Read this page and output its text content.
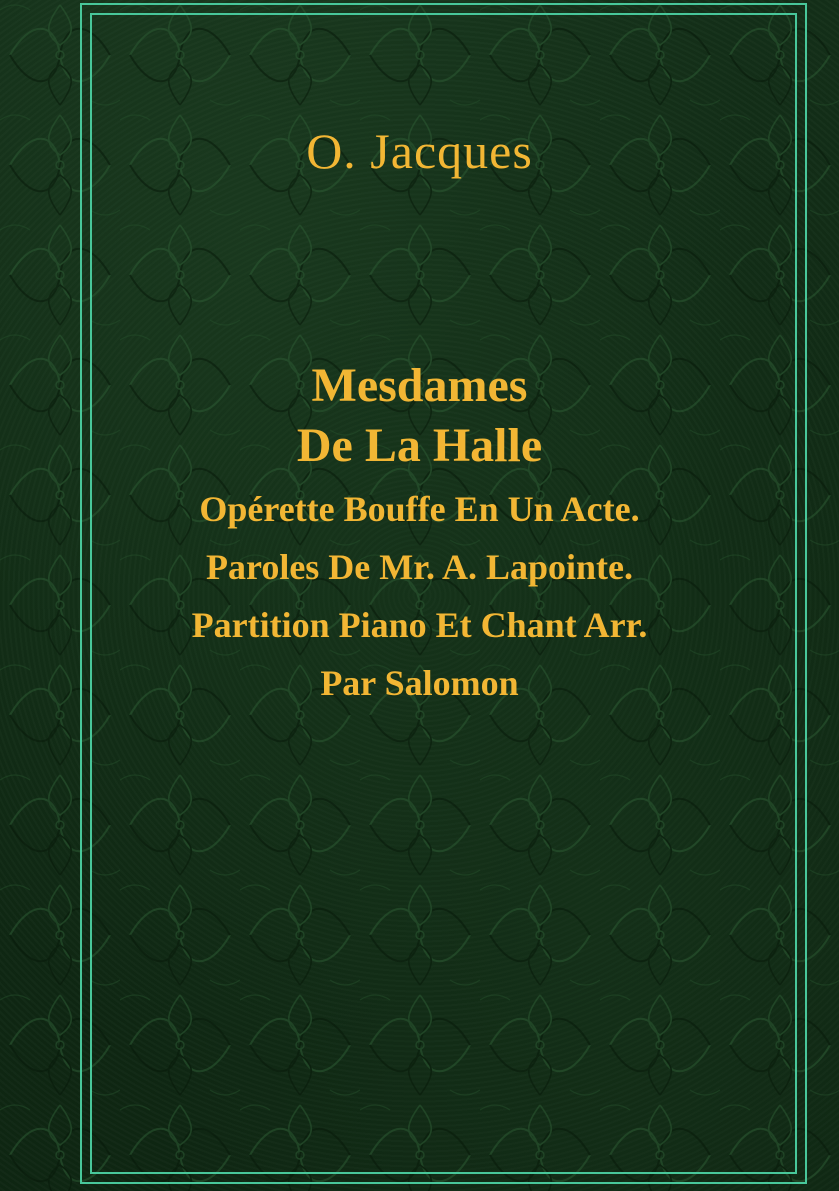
O. Jacques
Mesdames
De La Halle
Opérette Bouffe En Un Acte.
Paroles De Mr. A. Lapointe.
Partition Piano Et Chant Arr.
Par Salomon
